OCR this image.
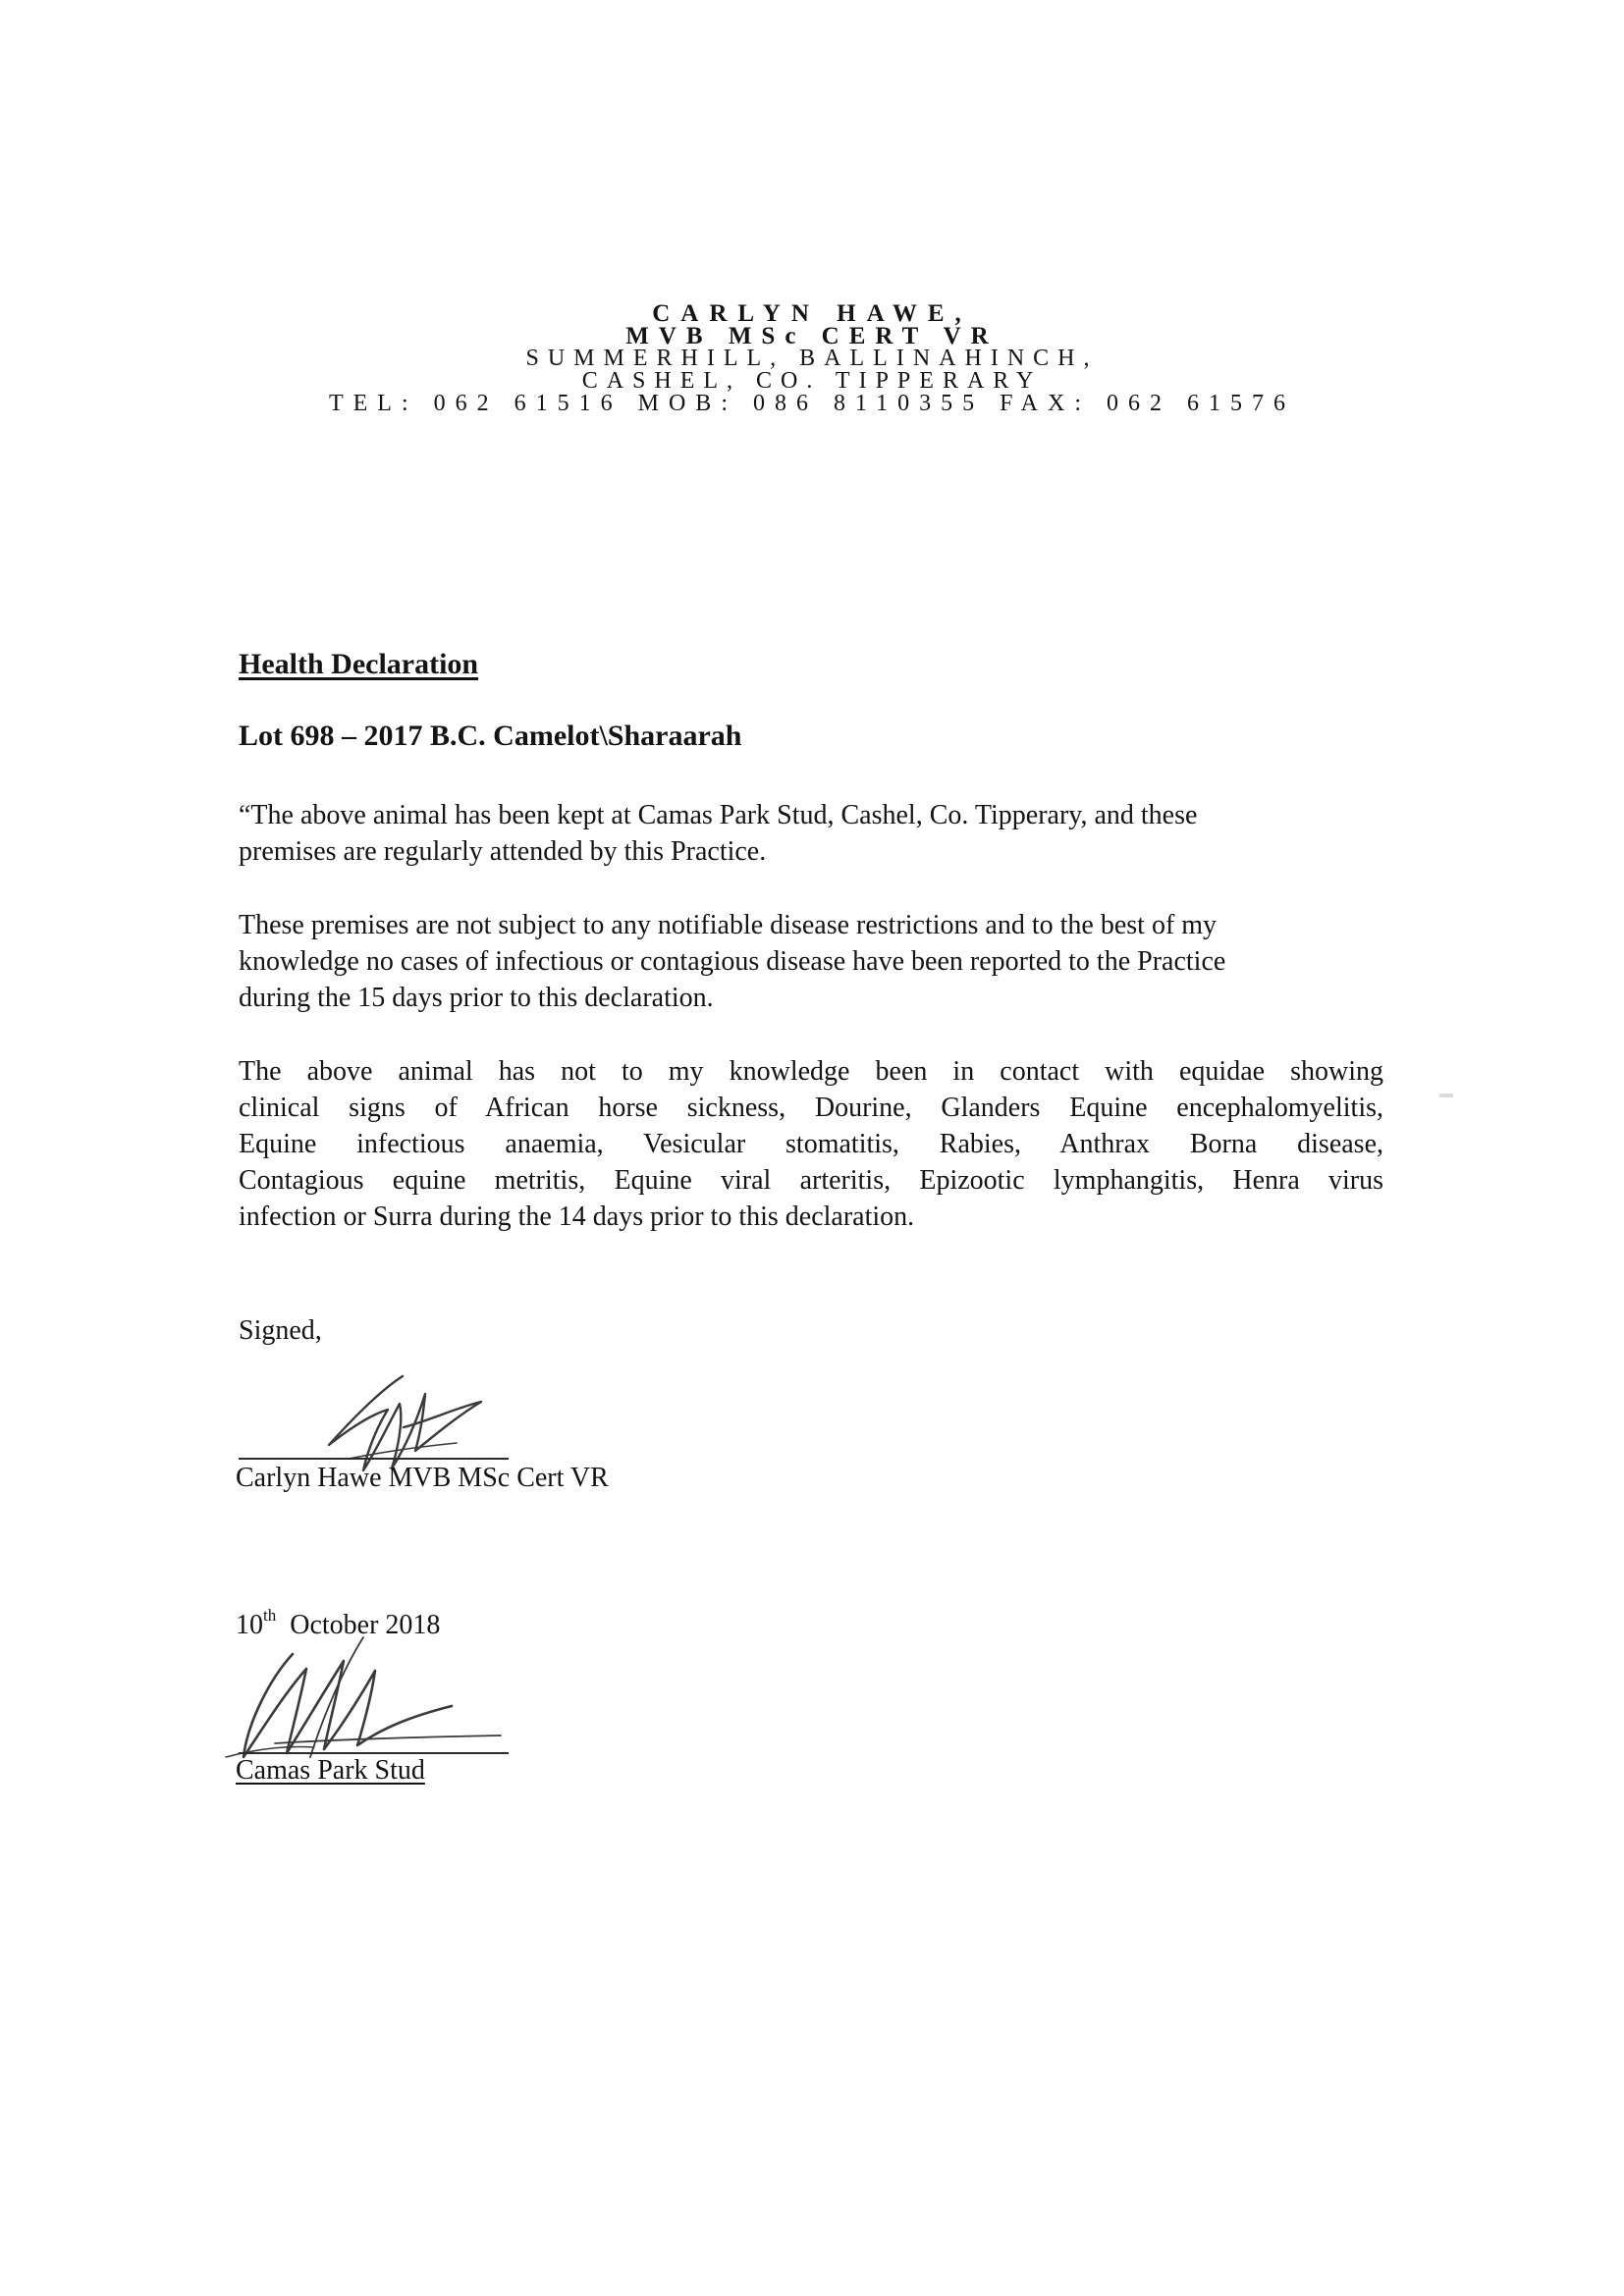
CARLYN HAWE,
MVB MSc CERT VR
SUMMERHILL, BALLINAHINCH,
CASHEL, CO. TIPPERARY
TEL: 062 61516 MOB: 086 8110355 FAX: 062 61576
Health Declaration
Lot 698 – 2017 B.C. Camelot\Sharaarah
“The above animal has been kept at Camas Park Stud, Cashel, Co. Tipperary, and these
premises are regularly attended by this Practice.
These premises are not subject to any notifiable disease restrictions and to the best of my
knowledge no cases of infectious or contagious disease have been reported to the Practice
during the 15 days prior to this declaration.
The above animal has not to my knowledge been in contact with equidae showing
clinical signs of African horse sickness, Dourine, Glanders Equine encephalomyelitis,
Equine infectious anaemia, Vesicular stomatitis, Rabies, Anthrax Borna disease,
Contagious equine metritis, Equine viral arteritis, Epizootic lymphangitis, Henra virus
infection or Surra during the 14 days prior to this declaration.
Signed,
Carlyn Hawe MVB MSc Cert VR
10th October 2018
Camas Park Stud
